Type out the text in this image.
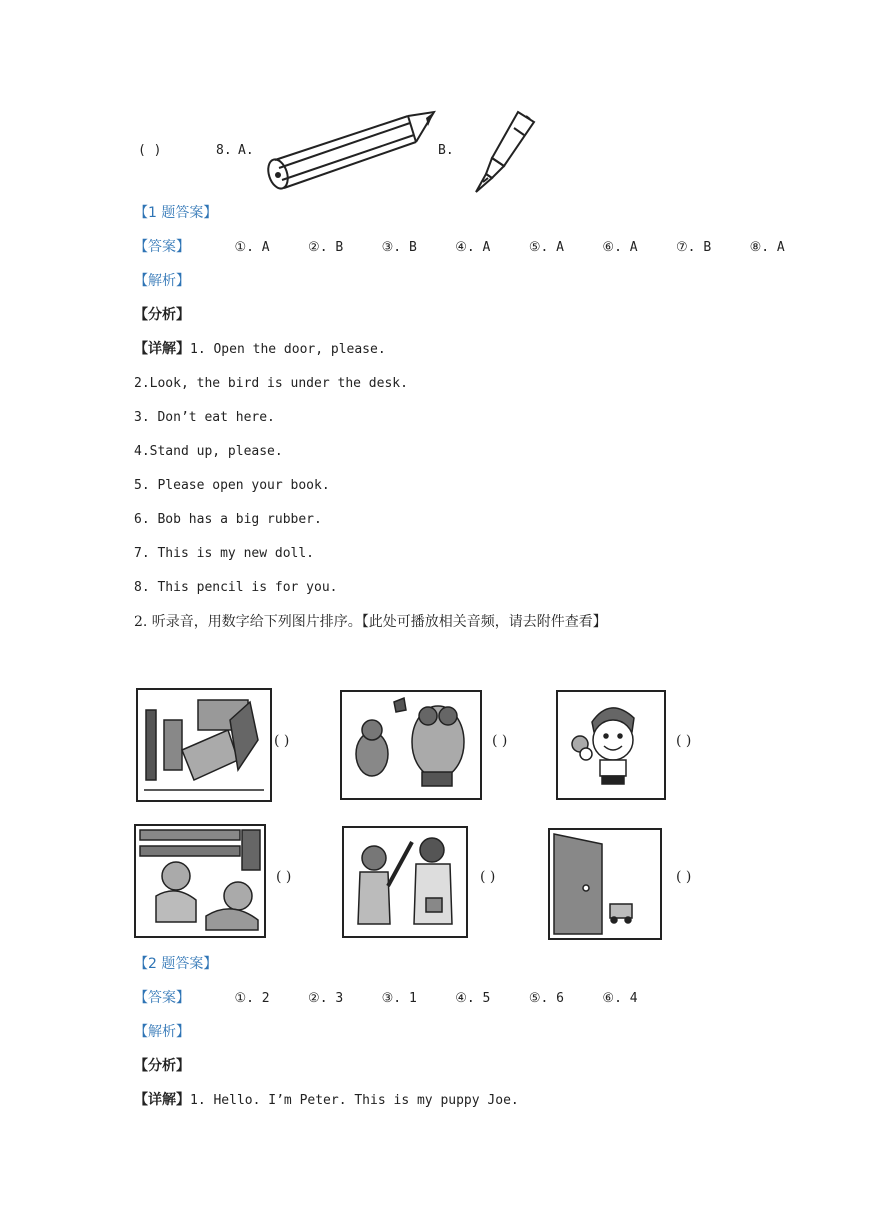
( )	8. A.	B.
【1 题答案】
【答案】	①. A	②. B	③. B	④. A	⑤. A	⑥. A	⑦. B	⑧. A
【解析】
【分析】
【详解】1. Open the door, please.
2.Look, the bird is under the desk.
3. Don’t eat here.
4.Stand up, please.
5. Please open your book.
6. Bob has a big rubber.
7. This is my new doll.
8. This pencil is for you.
2. 听录音，用数字给下列图片排序。【此处可播放相关音频，请去附件查看】
( )	( )	( )
( )	( )	( )
【2 题答案】
【答案】	①. 2	②. 3	③. 1	④. 5	⑤. 6	⑥. 4
【解析】
【分析】
【详解】1. Hello. I’m Peter. This is my puppy Joe.
